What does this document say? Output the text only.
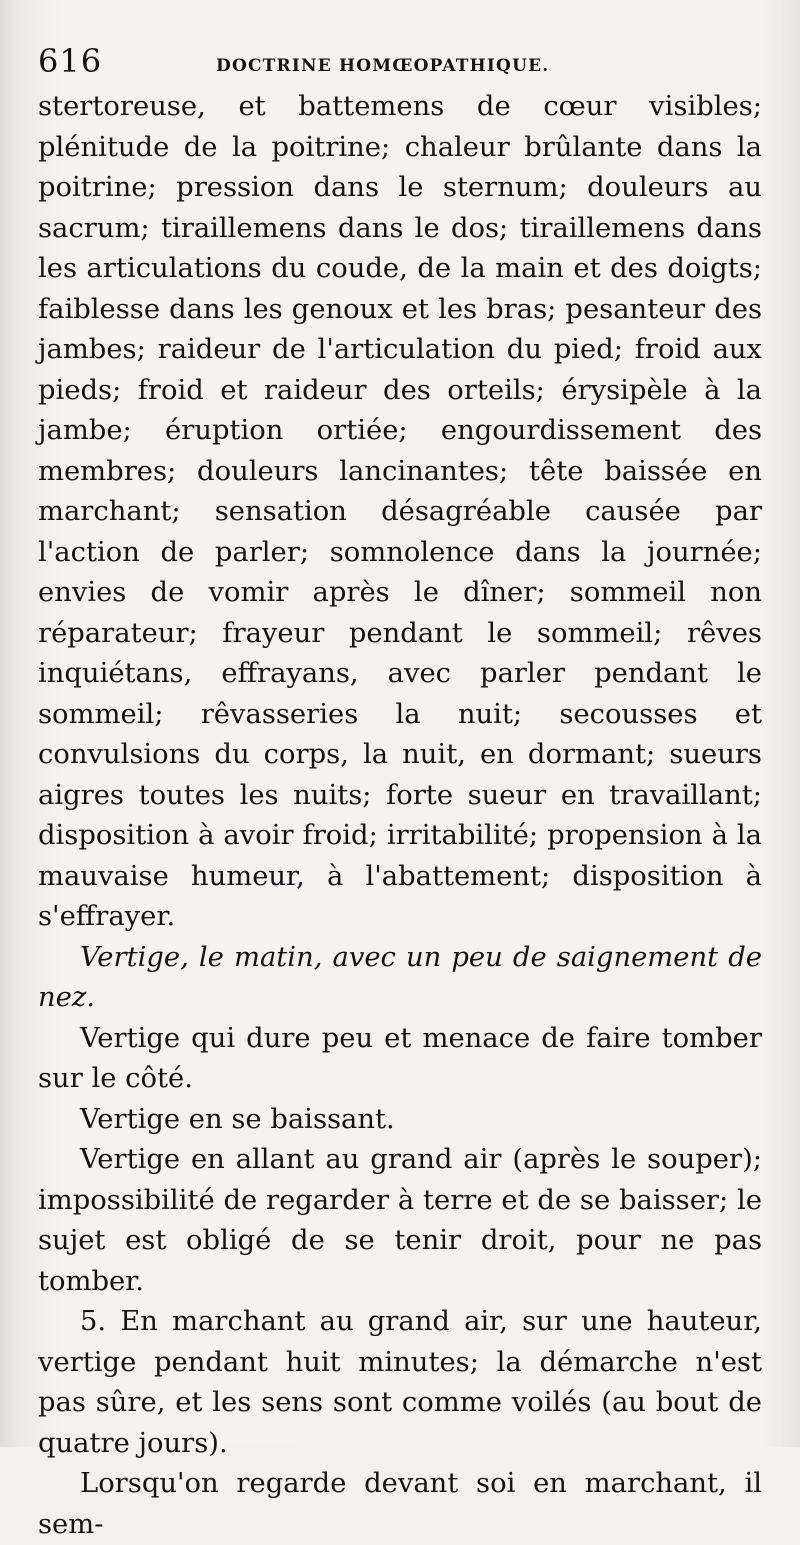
616	DOCTRINE HOMŒOPATHIQUE.

stertoreuse, et battemens de cœur visibles; plénitude de la poitrine; chaleur brûlante dans la poitrine; pression dans le sternum; douleurs au sacrum; tiraillemens dans le dos; tiraillemens dans les articulations du coude, de la main et des doigts; faiblesse dans les genoux et les bras; pesanteur des jambes; raideur de l'articulation du pied; froid aux pieds; froid et raideur des orteils; érysipèle à la jambe; éruption ortiée; engourdissement des membres; douleurs lancinantes; tête baissée en marchant; sensation désagréable causée par l'action de parler; somnolence dans la journée; envies de vomir après le dîner; sommeil non réparateur; frayeur pendant le sommeil; rêves inquiétans, effrayans, avec parler pendant le sommeil; rêvasseries la nuit; secousses et convulsions du corps, la nuit, en dormant; sueurs aigres toutes les nuits; forte sueur en travaillant; disposition à avoir froid; irritabilité; propension à la mauvaise humeur, à l'abattement; disposition à s'effrayer.

Vertige, le matin, avec un peu de saignement de nez.

Vertige qui dure peu et menace de faire tomber sur le côté.

Vertige en se baissant.

Vertige en allant au grand air (après le souper); impossibilité de regarder à terre et de se baisser; le sujet est obligé de se tenir droit, pour ne pas tomber.

5. En marchant au grand air, sur une hauteur, vertige pendant huit minutes; la démarche n'est pas sûre, et les sens sont comme voilés (au bout de quatre jours).

Lorsqu'on regarde devant soi en marchant, il sem-
